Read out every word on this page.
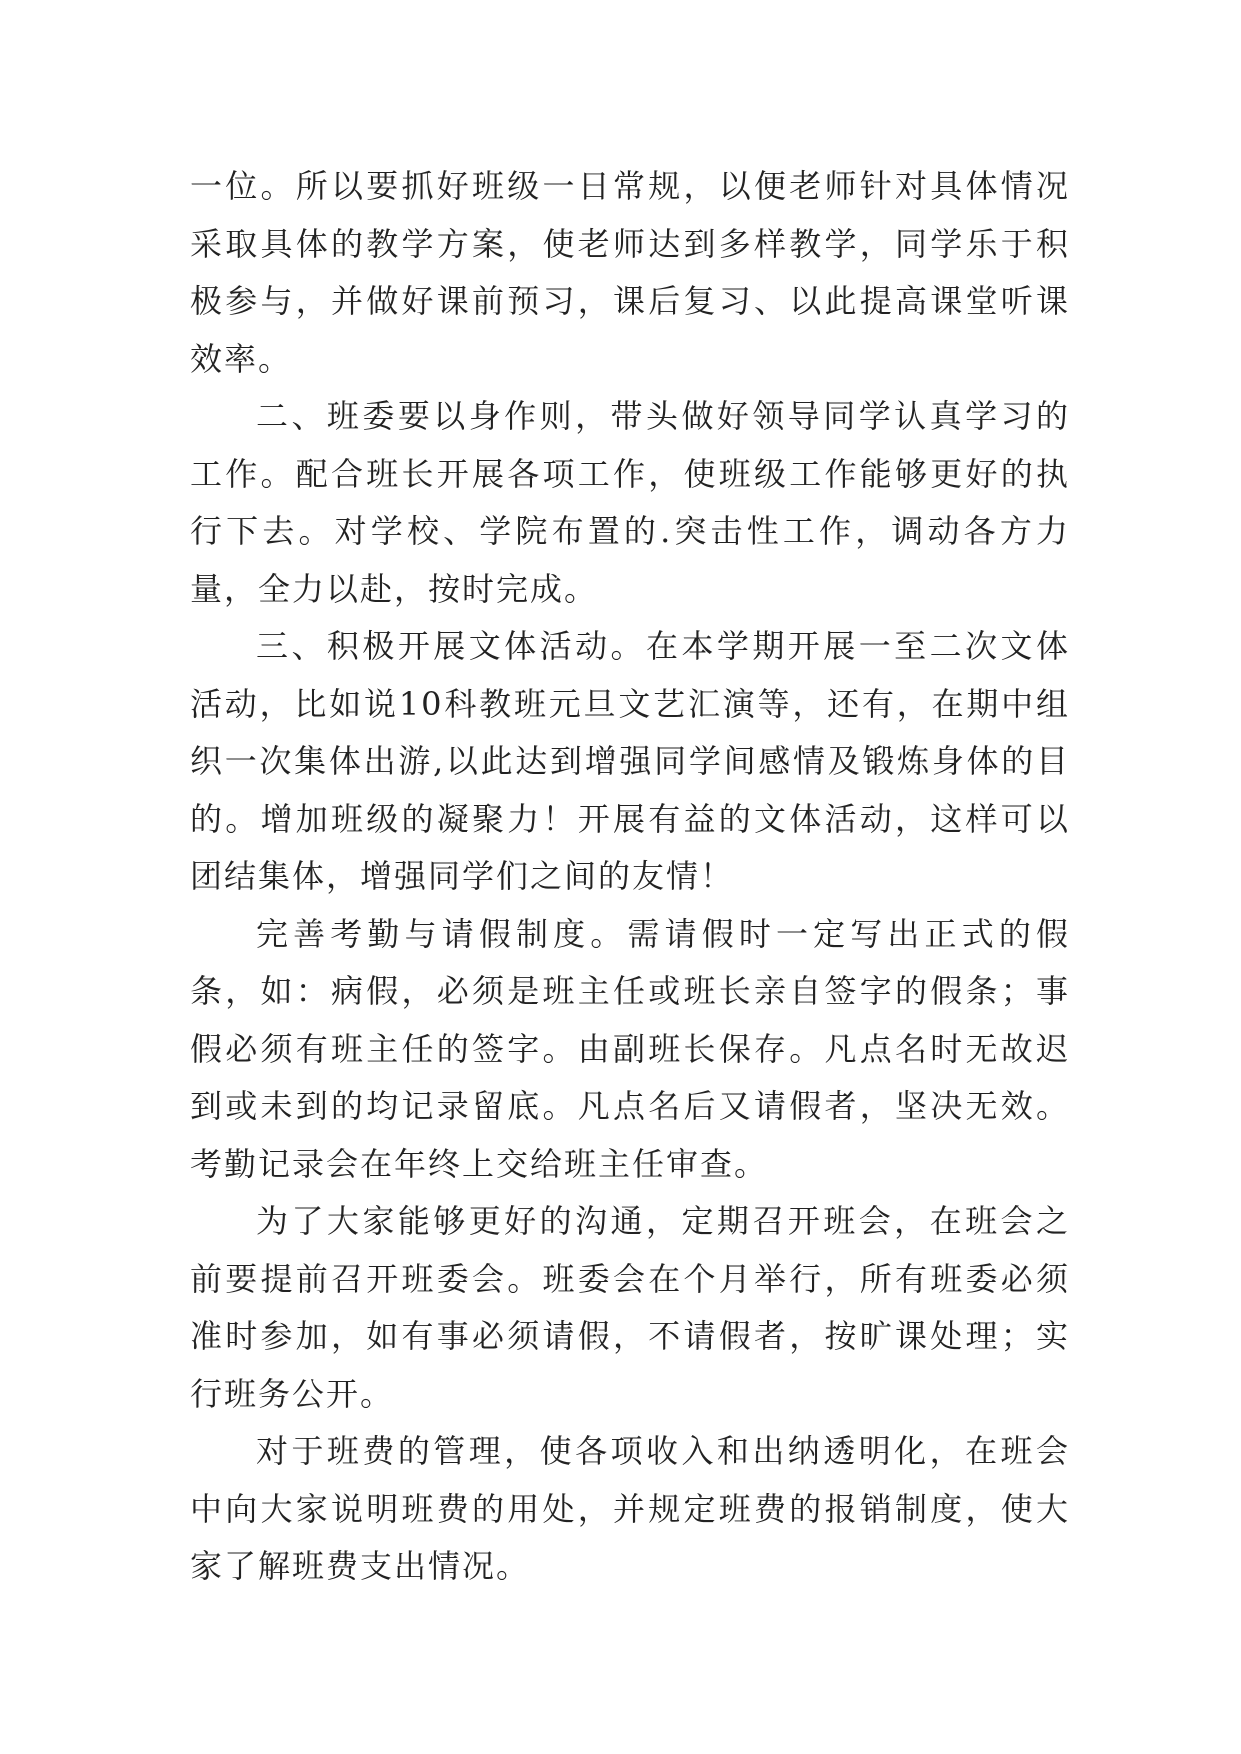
一位。所以要抓好班级一日常规，以便老师针对具体情况采取具体的教学方案，使老师达到多样教学，同学乐于积极参与，并做好课前预习，课后复习、以此提高课堂听课效率。

二、班委要以身作则，带头做好领导同学认真学习的工作。配合班长开展各项工作，使班级工作能够更好的执行下去。对学校、学院布置的.突击性工作，调动各方力量，全力以赴，按时完成。

三、积极开展文体活动。在本学期开展一至二次文体活动，比如说10科教班元旦文艺汇演等，还有，在期中组织一次集体出游,以此达到增强同学间感情及锻炼身体的目的。增加班级的凝聚力！开展有益的文体活动，这样可以团结集体，增强同学们之间的友情！

完善考勤与请假制度。需请假时一定写出正式的假条，如：病假，必须是班主任或班长亲自签字的假条；事假必须有班主任的签字。由副班长保存。凡点名时无故迟到或未到的均记录留底。凡点名后又请假者，坚决无效。考勤记录会在年终上交给班主任审查。

为了大家能够更好的沟通，定期召开班会，在班会之前要提前召开班委会。班委会在个月举行，所有班委必须准时参加，如有事必须请假，不请假者，按旷课处理；实行班务公开。

对于班费的管理，使各项收入和出纳透明化，在班会中向大家说明班费的用处，并规定班费的报销制度，使大家了解班费支出情况。
